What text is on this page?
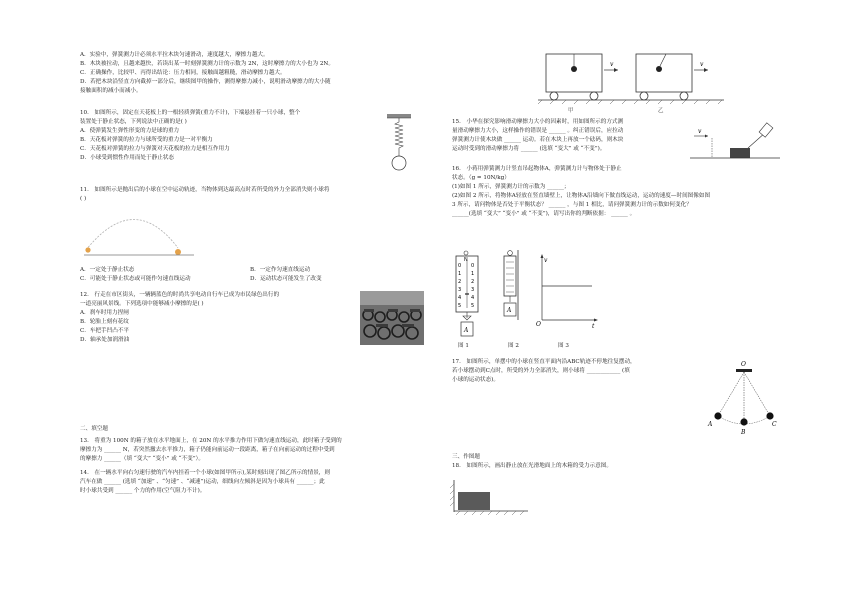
A．实验中，弹簧测力计必须水平拉木块匀速滑动，速度越大，摩擦力越大。
B．木块被拉动，且越来越快，若读出某一时刻弹簧测力计的示数为 2N，这时摩擦力的大小也为 2N。
C．正确操作，比较甲、丙得出结论：压力相同，接触面越粗糙，滑动摩擦力越大。
D．若把木块沿竖直方向截掉一部分后，继续图甲的操作，测得摩擦力减小，说明滑动摩擦力的大小随
接触面积的减小而减小。
10． 如图所示，固定在天花板上的一根轻质弹簧(重力不计)，下端悬挂着一只小球，整个
装置处于静止状态，下列说法中正确的是( )
A．使弹簧发生弹性形变的力是球的重力
B．天花板对弹簧的拉力与球所受的重力是一对平衡力
C．天花板对弹簧的拉力与弹簧对天花板的拉力是相互作用力
D．小球受到惯性作用而处于静止状态
11． 如图所示是抛出后的小球在空中运动轨迹，当物体到达最高点时若所受的外力全部消失则小球将
( )
A．一定处于静止状态	B．一定作匀速直线运动
C．可能处于静止状态或可能作匀速直线运动	D．运动状态可能发生了改变
12． 行走在市区街头，一辆辆蓝色的时尚共享电动自行车已成为市民绿色出行的
一道亮丽风景线。下列选项中能够减小摩擦的是( )
A．刹车时用力捏闸
B．轮胎上刻有花纹
C．车把手凹凸不平
D．轴承处加润滑油
二、填空题
13． 将重为 100N 的箱子放在水平地面上，在 20N 的水平推力作用下做匀速直线运动，此时箱子受到的
摩擦力为 ______ N，若突然撤去水平推力，箱子仍能向前运动一段距离，箱子在向前运动的过程中受到
的摩擦力 ______（填 “变大” “变小” 或 “不变”）。
14． 在一辆水平向右匀速行驶的汽车内挂着一个小球(如图甲所示),某时刻出现了图乙所示的情景，则
汽车在做 ______ (选填 “加速” 、“匀速” 、“减速”)运动，细线向左倾斜是因为小球具有 ______；此
时小球共受到 ______ 个力的作用(空气阻力不计)。
v	v
甲	乙
15． 小华在探究影响滑动摩擦力大小的因素时，用如图所示的方式测
量滑动摩擦力大小，这样操作的错误是 ______ 。纠正错误后，应拉动
弹簧测力计使木块做 ______ 运动。若在木块上再放一个砝码，则木块
运动时受到的滑动摩擦力将 ______ (选填 “变大” 或 “不变”)。
v
16． 小蒋用弹簧测力计竖直吊起物体A，弹簧测力计与物体处于静止
状态。（g = 10N/kg）
(1)如图 1 所示，弹簧测力计的示数为 ______；
(2)如图 2 所示，将物体A轻放在竖直墙壁上，让物体A沿墙向下做直线运动，运动的速度—时间图像如图
3 所示，请问物体是否处于平衡状态？ ______ ，与图 1 相比，请问弹簧测力计的示数如何变化？
______(选填 “变大” “变小” 或 “不变”)，请写出你的判断依据： ______ 。
N
0
1
2
3
4
5
0
1
2
3
4
5
A
A
v
t
O
图 1	图 2	图 3
17． 如图所示，单摆中的小球在竖直平面内沿ABC轨迹不停地往复摆动，
若小球摆动到C点时，所受的外力全部消失，则小球将 ____________ (填
小球的运动状态)。
O
A
B
C
三、作图题
18． 如图所示，画出静止放在光滑地面上的木箱的受力示意图。
